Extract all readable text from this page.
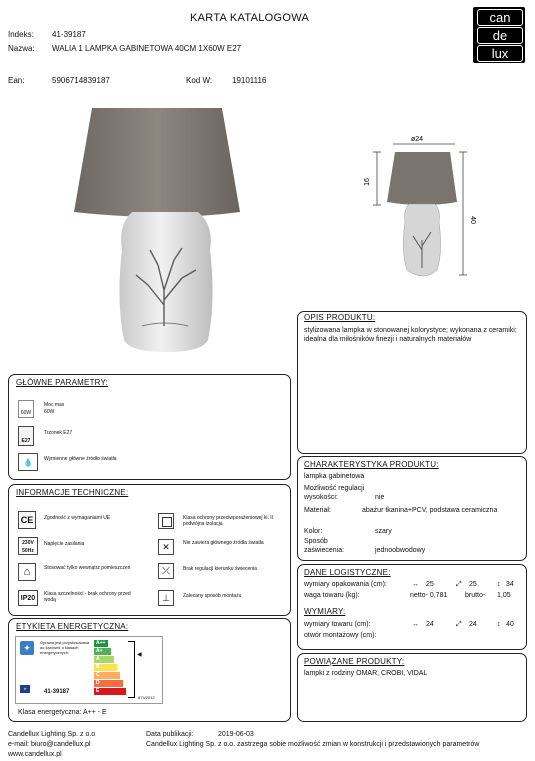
KARTA KATALOGOWA
Indeks: 41-39187
Nazwa: WALIA 1 LAMPKA GABINETOWA 40CM 1X60W E27
Ean:	5906714839187	Kod W: 19101116
can
de
lux
ø24
16
40
OPIS PRODUKTU:
stylizowana lampka w stonowanej kolorystyce; wykonana z ceramiki; idealna dla miłośników finezji i naturalnych materiałów
GŁÓWNE PARAMETRY:
60W
Moc max
60W
E27
Trzonek E27
💧	Wymienne główne źródło światła
INFORMACJE TECHNICZNE:
CE	Zgodność z wymaganiami UE
230V 50Hz
Napięcie zasilania
⌂	Stosować tylko wewnątrz pomieszczeń
IP20
Klasa szczelności - brak ochrony przed wodą
Klasa ochrony przeciwporażeniowej kl. II podwójna izolacja
✕	Nie zawiera głównego źródła światła
⤫	Brak regulacji kierunku świecenia
⊥	Zalecany sposób montażu
CHARAKTERYSTYKA PRODUKTU:
lampka gabinetowa
Możliwość regulacji wysokości:	nie
Materiał:	abażur tkanina+PCV, podstawa ceramiczna
Kolor:	szary
Sposób zaświecenia:	jednoobwodowy
DANE LOGISTYCZNE:
wymiary opakowania (cm):	↔ 25	⤢ 25	↕ 34
waga towaru (kg):	netto- 0,781	brutto- 1,05
WYMIARY:
wymiary towaru (cm):	↔ 24	⤢ 24	↕ 40
otwór montażowy (cm):
ETYKIETA ENERGETYCZNA:
✦
Oprawa jest przystosowana do żarówek o klasach energetycznych:
A++
A+
A
B
C
D
E
◀
★
41-39187
874/2012
Klasa energetyczna: A++ - E
POWIĄZANE PRODUKTY:
lampki z rodziny OMAR, CROBI, VIDAL
Candellux Lighting Sp. z o.o
e-mail: biuro@candellux.pl
www.candellux.pl
Data publikacji:	2019-06-03
Candellux Lighting Sp. z o.o. zastrzega sobie możliwość zmian w konstrukcji i przedstawionych parametrów
